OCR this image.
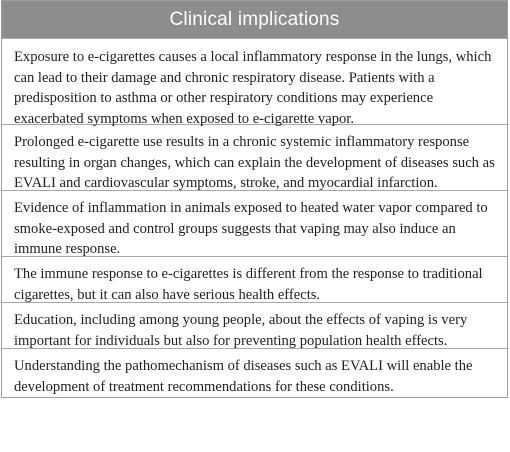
Clinical implications
Exposure to e-cigarettes causes a local inflammatory response in the lungs, which can lead to their damage and chronic respiratory disease. Patients with a predisposition to asthma or other respiratory conditions may experience exacerbated symptoms when exposed to e-cigarette vapor.
Prolonged e-cigarette use results in a chronic systemic inflammatory response resulting in organ changes, which can explain the development of diseases such as EVALI and cardiovascular symptoms, stroke, and myocardial infarction.
Evidence of inflammation in animals exposed to heated water vapor compared to smoke-exposed and control groups suggests that vaping may also induce an immune response.
The immune response to e-cigarettes is different from the response to traditional cigarettes, but it can also have serious health effects.
Education, including among young people, about the effects of vaping is very important for individuals but also for preventing population health effects.
Understanding the pathomechanism of diseases such as EVALI will enable the development of treatment recommendations for these conditions.
